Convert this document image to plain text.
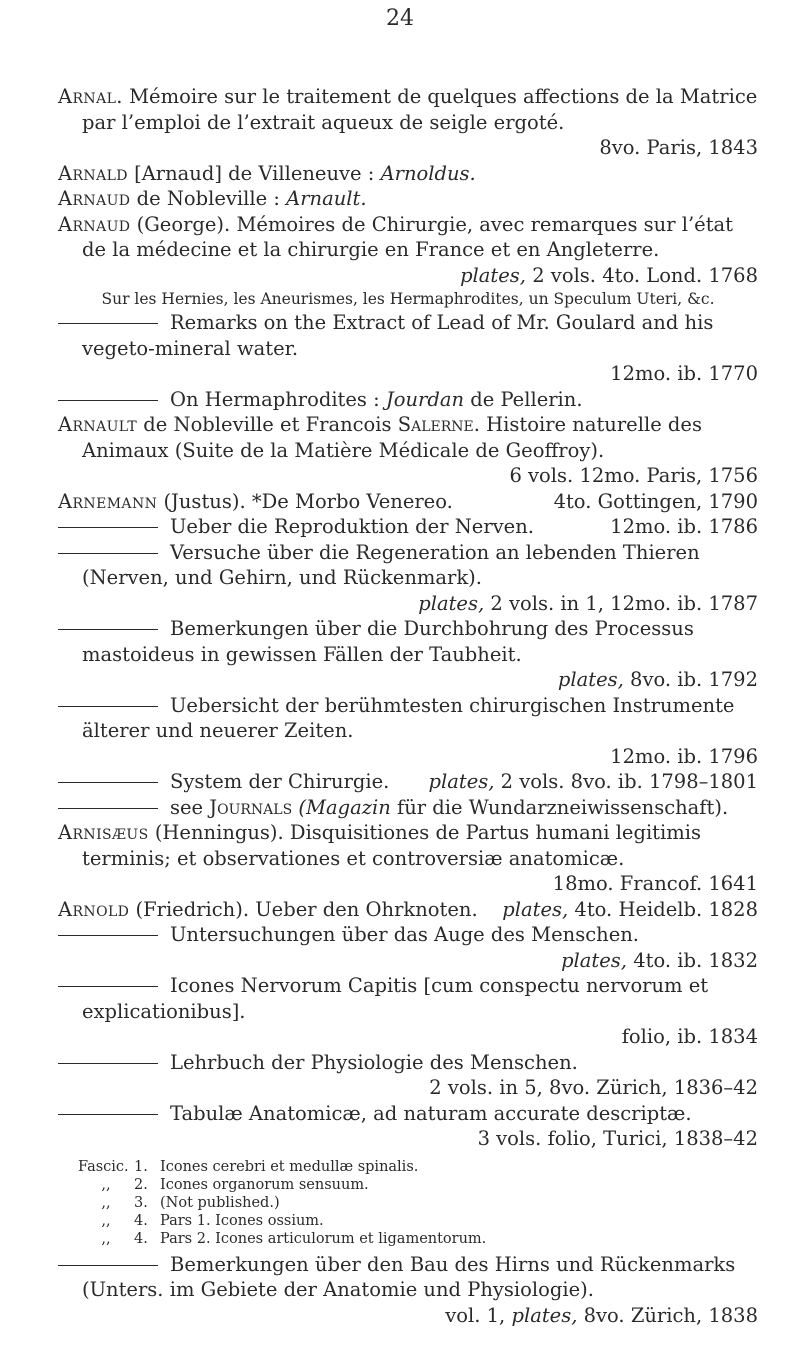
24

Arnal. Mémoire sur le traitement de quelques affections de la Matrice par l’emploi de l’extrait aqueux de seigle ergoté.

8vo. Paris, 1843

Arnald [Arnaud] de Villeneuve : Arnoldus.

Arnaud de Nobleville : Arnault.

Arnaud (George). Mémoires de Chirurgie, avec remarques sur l’état de la médecine et la chirurgie en France et en Angleterre.

plates, 2 vols. 4to. Lond. 1768

Sur les Hernies, les Aneurismes, les Hermaphrodites, un Speculum Uteri, &c.

Remarks on the Extract of Lead of Mr. Goulard and his vegeto-mineral water.

12mo. ib. 1770

On Hermaphrodites : Jourdan de Pellerin.

Arnault de Nobleville et Francois Salerne. Histoire naturelle des Animaux (Suite de la Matière Médicale de Geoffroy).

6 vols. 12mo. Paris, 1756

Arnemann (Justus). *De Morbo Venereo.	4to. Gottingen, 1790

Ueber die Reproduktion der Nerven.	12mo. ib. 1786

Versuche über die Regeneration an lebenden Thieren (Nerven, und Gehirn, und Rückenmark).

plates, 2 vols. in 1, 12mo. ib. 1787

Bemerkungen über die Durchbohrung des Processus mastoideus in gewissen Fällen der Taubheit.

plates, 8vo. ib. 1792

Uebersicht der berühmtesten chirurgischen Instrumente älterer und neuerer Zeiten.

12mo. ib. 1796

System der Chirurgie. plates, 2 vols. 8vo. ib. 1798–1801

see Journals (Magazin für die Wundarzneiwissenschaft).

Arnisæus (Henningus). Disquisitiones de Partus humani legitimis terminis; et observationes et controversiæ anatomicæ.

18mo. Francof. 1641

Arnold (Friedrich). Ueber den Ohrknoten. plates, 4to. Heidelb. 1828

Untersuchungen über das Auge des Menschen.

plates, 4to. ib. 1832

Icones Nervorum Capitis [cum conspectu nervorum et explicationibus].

folio, ib. 1834

Lehrbuch der Physiologie des Menschen.

2 vols. in 5, 8vo. Zürich, 1836–42

Tabulæ Anatomicæ, ad naturam accurate descriptæ.

3 vols. folio, Turici, 1838–42

Fascic. 1. Icones cerebri et medullæ spinalis.
,,	2. Icones organorum sensuum.
,,	3. (Not published.)
,,	4. Pars 1. Icones ossium.
,,	4. Pars 2. Icones articulorum et ligamentorum.

Bemerkungen über den Bau des Hirns und Rückenmarks (Unters. im Gebiete der Anatomie und Physiologie).

vol. 1, plates, 8vo. Zürich, 1838
